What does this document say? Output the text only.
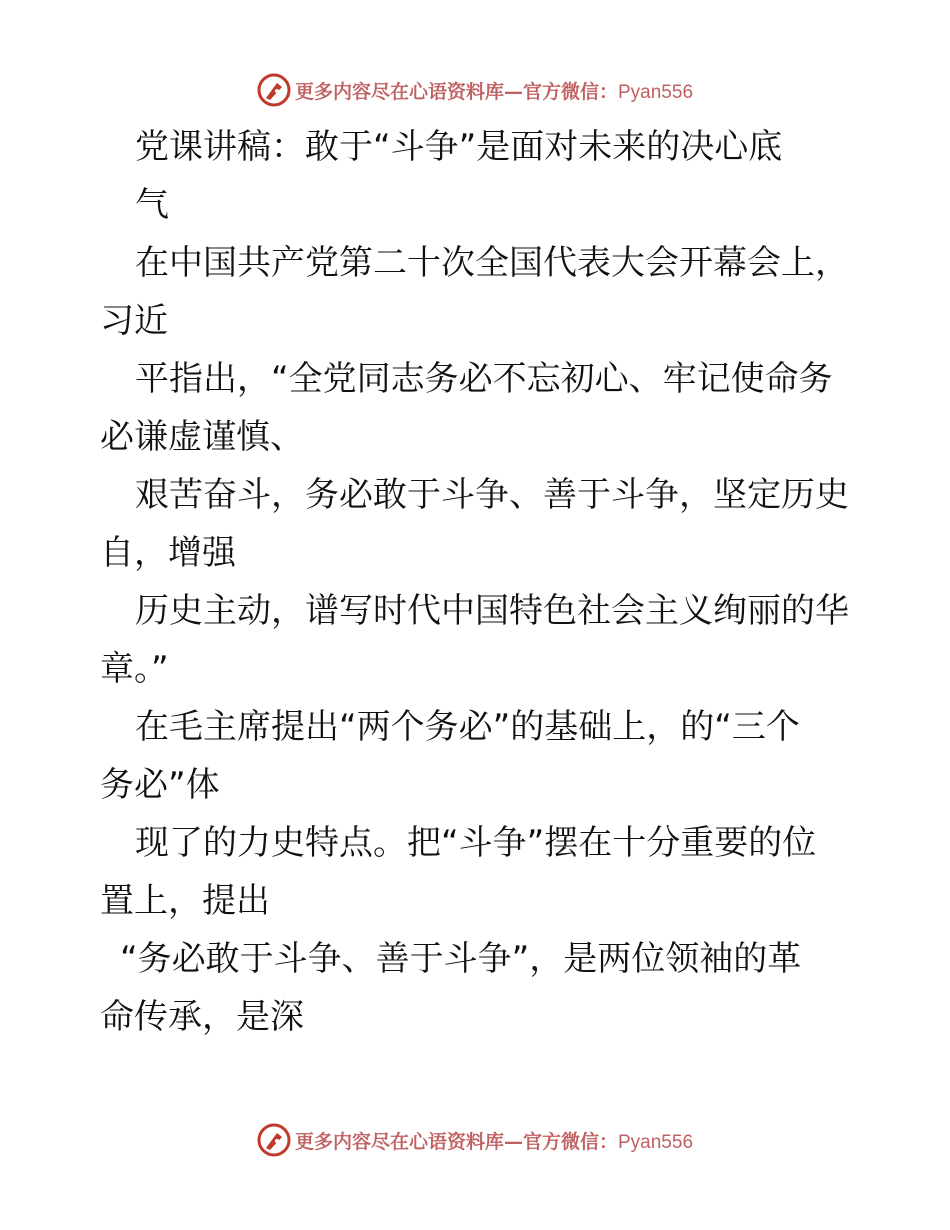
更多内容尽在心语资料库—官方微信：Pyan556
党课讲稿：敢于“斗争”是面对未来的决心底
气
在中国共产党第二十次全国代表大会开幕会上，
习近
平指出，“全党同志务必不忘初心、牢记使命务
必谦虚谨慎、
艰苦奋斗，务必敢于斗争、善于斗争，坚定历史
自，增强
历史主动，谱写时代中国特色社会主义绚丽的华
章。”
在毛主席提出“两个务必”的基础上，的“三个
务必”体
现了的力史特点。把“斗争”摆在十分重要的位
置上，提出
“务必敢于斗争、善于斗争”，是两位领袖的革
命传承，是深
更多内容尽在心语资料库—官方微信：Pyan556
